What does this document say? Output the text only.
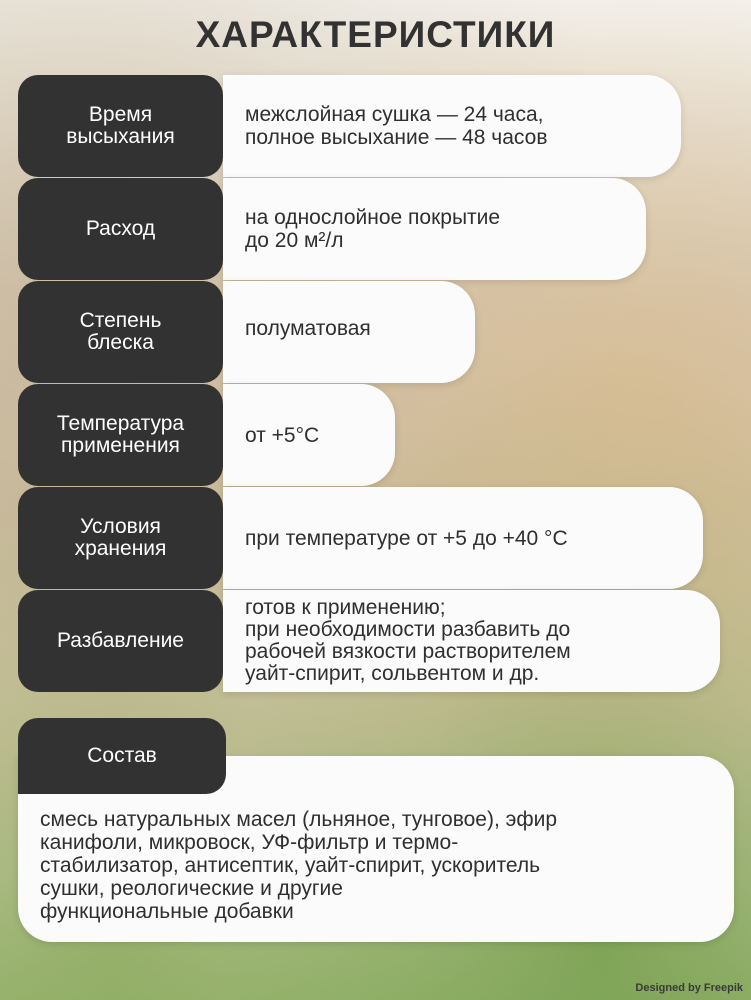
ХАРАКТЕРИСТИКИ
межслойная сушка — 24 часа,
полное высыхание — 48 часов
Время
высыхания
на однослойное покрытие
до 20 м²/л
Расход
полуматовая
Степень
блеска
от +5°С
Температура
применения
при температуре от +5 до +40 °С
Условия
хранения
готов к применению;
при необходимости разбавить до
рабочей вязкости растворителем
уайт-спирит, сольвентом и др.
Разбавление
смесь натуральных масел (льняное, тунговое), эфир
канифоли, микровоск, УФ-фильтр и термо-
стабилизатор, антисептик, уайт-спирит, ускоритель
сушки, реологические и другие
функциональные добавки
Состав
Designed by Freepik
